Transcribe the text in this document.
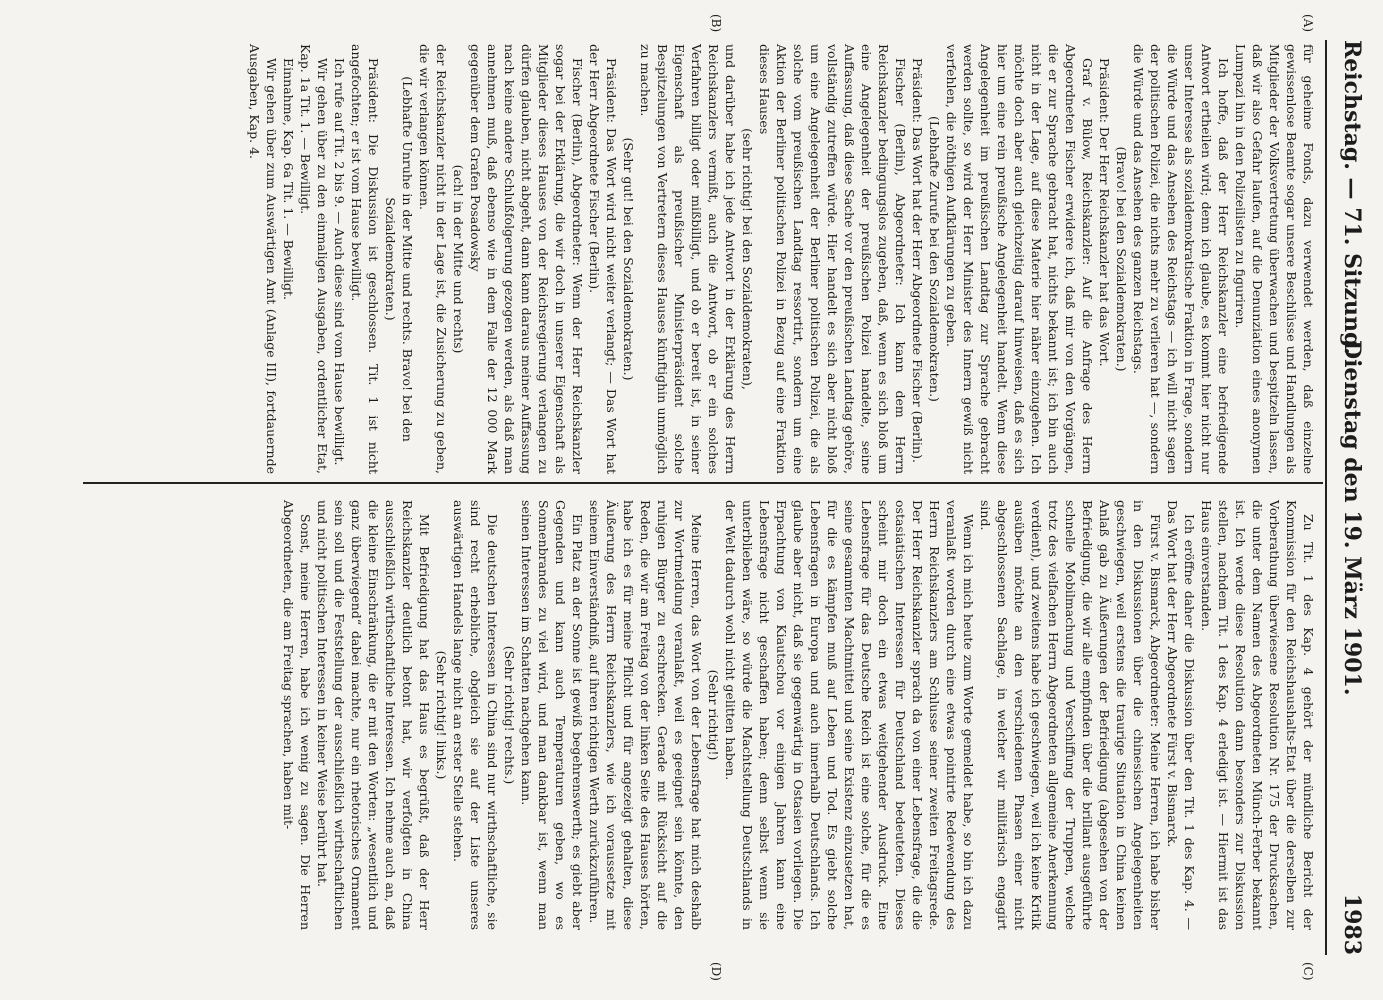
Reichstag. — 71. Sitzung.
Dienstag den 19. März 1901.
1983
(A)
(B)
(C)
(D)

für geheime Fonds, dazu verwendet werden, daß einzelne gewissenlose Beamte sogar unsere Beschlüsse und Handlungen als Mitglieder der Volksvertretung überwachen und bespitzeln lassen, daß wir also Gefahr laufen, auf die Denunziation eines anonymen Lumpazi hin in den Polizeilisten zu figuriren.

Ich hoffe, daß der Herr Reichskanzler eine befriedigende Antwort ertheilen wird; denn ich glaube, es kommt hier nicht nur unser Interesse als sozialdemokratische Fraktion in Frage, sondern die Würde und das Ansehen des Reichstags — ich will nicht sagen der politischen Polizei, die nichts mehr zu verlieren hat —, sondern die Würde und das Ansehen des ganzen Reichstags.

(Bravo! bei den Sozialdemokraten.)

Präsident: Der Herr Reichskanzler hat das Wort.

Graf v. Bülow, Reichskanzler: Auf die Anfrage des Herrn Abgeordneten Fischer erwidere ich, daß mir von den Vorgängen, die er zur Sprache gebracht hat, nichts bekannt ist; ich bin auch nicht in der Lage, auf diese Materie hier näher einzugehen. Ich möchte doch aber auch gleichzeitig darauf hinweisen, daß es sich hier um eine rein preußische Angelegenheit handelt. Wenn diese Angelegenheit im preußischen Landtag zur Sprache gebracht werden sollte, so wird der Herr Minister des Innern gewiß nicht verfehlen, die nöthigen Aufklärungen zu geben.

(Lebhafte Zurufe bei den Sozialdemokraten.)

Präsident: Das Wort hat der Herr Abgeordnete Fischer (Berlin).

Fischer (Berlin), Abgeordneter: Ich kann dem Herrn Reichskanzler bedingungslos zugeben, daß, wenn es sich bloß um eine Angelegenheit der preußischen Polizei handelte, seine Auffassung, daß diese Sache vor den preußischen Landtag gehöre, vollständig zutreffen würde. Hier handelt es sich aber nicht bloß um eine Angelegenheit der Berliner politischen Polizei, die als solche vom preußischen Landtag ressortirt, sondern um eine Aktion der Berliner politischen Polizei in Bezug auf eine Fraktion dieses Hauses

(sehr richtig! bei den Sozialdemokraten),

und darüber habe ich jede Antwort in der Erklärung des Herrn Reichskanzlers vermißt, auch die Antwort, ob er ein solches Verfahren billigt oder mißbilligt, und ob er bereit ist, in seiner Eigenschaft als preußischer Ministerpräsident solche Bespitzelungen von Vertretern dieses Hauses künftighin unmöglich zu machen.

(Sehr gut! bei den Sozialdemokraten.)

Präsident: Das Wort wird nicht weiter verlangt; — Das Wort hat der Herr Abgeordnete Fischer (Berlin).

Fischer (Berlin), Abgeordneter: Wenn der Herr Reichskanzler sogar bei der Erklärung, die wir doch in unserer Eigenschaft als Mitglieder dieses Hauses von der Reichsregierung verlangen zu dürfen glauben, nicht abgeht, dann kann daraus meiner Auffassung nach keine andere Schlußfolgerung gezogen werden, als daß man annehmen muß, daß ebenso wie in dem Falle der 12 000 Mark gegenüber dem Grafen Posadowsky

(ach! in der Mitte und rechts)

der Reichskanzler nicht in der Lage ist, die Zusicherung zu geben, die wir verlangen können.

(Lebhafte Unruhe in der Mitte und rechts. Bravo! bei den Sozialdemokraten.)

Präsident: Die Diskussion ist geschlossen. Tit. 1 ist nicht angefochten; er ist vom Hause bewilligt.

Ich rufe auf Tit. 2 bis 9. — Auch diese sind vom Hause bewilligt.

Wir gehen über zu den einmaligen Ausgaben, ordentlicher Etat, Kap. 1a Tit. 1. — Bewilligt.

Einnahme, Kap. 6a Tit. 1. — Bewilligt.

Wir gehen über zum Auswärtigen Amt (Anlage III), fortdauernde Ausgaben, Kap. 4.

Zu Tit. 1 des Kap. 4 gehört der mündliche Bericht der Kommission für den Reichshaushalts-Etat über die derselben zur Vorberathung überwiesene Resolution Nr. 175 der Drucksachen, die unter dem Namen des Abgeordneten Münch-Ferber bekannt ist. Ich werde diese Resolution dann besonders zur Diskussion stellen, nachdem Tit. 1 des Kap. 4 erledigt ist. — Hiermit ist das Haus einverstanden.

Ich eröffne daher die Diskussion über den Tit. 1 des Kap. 4. — Das Wort hat der Herr Abgeordnete Fürst v. Bismarck.

Fürst v. Bismarck, Abgeordneter: Meine Herren, ich habe bisher in den Diskussionen über die chinesischen Angelegenheiten geschwiegen, weil erstens die traurige Situation in China keinen Anlaß gab zu Äußerungen der Befriedigung (abgesehen von der Befriedigung, die wir alle empfinden über die brillant ausgeführte schnelle Mobilmachung und Verschiffung der Truppen, welche trotz des vielfachen Herrn Abgeordneten allgemeine Anerkennung verdient), und zweitens habe ich geschwiegen, weil ich keine Kritik ausüben möchte an den verschiedenen Phasen einer nicht abgeschlossenen Sachlage, in welcher wir militärisch engagirt sind.

Wenn ich mich heute zum Worte gemeldet habe, so bin ich dazu veranlaßt worden durch eine etwas pointirte Redewendung des Herrn Reichskanzlers am Schlusse seiner zweiten Freitagsrede. Der Herr Reichskanzler sprach da von einer Lebensfrage, die die ostasiatischen Interessen für Deutschland bedeuteten. Dieses scheint mir doch ein etwas weitgehender Ausdruck. Eine Lebensfrage für das Deutsche Reich ist eine solche, für die es seine gesammten Machtmittel und seine Existenz einzusetzen hat, für die es kämpfen muß auf Leben und Tod. Es giebt solche Lebensfragen in Europa und auch innerhalb Deutschlands. Ich glaube aber nicht, daß sie gegenwärtig in Ostasien vorliegen. Die Erpachtung von Kiautschou vor einigen Jahren kann eine Lebensfrage nicht geschaffen haben; denn selbst wenn sie unterblieben wäre, so würde die Machtstellung Deutschlands in der Welt dadurch wohl nicht gelitten haben.

(Sehr richtig!)

Meine Herren, das Wort von der Lebensfrage hat mich deshalb zur Wortmeldung veranlaßt, weil es geeignet sein könnte, den ruhigen Bürger zu erschrecken. Gerade mit Rücksicht auf die Reden, die wir am Freitag von der linken Seite des Hauses hörten, habe ich es für meine Pflicht und für angezeigt gehalten, diese Äußerung des Herrn Reichskanzlers, wie ich voraussetze mit seinem Einverständniß, auf ihren richtigen Werth zurückzuführen.

Ein Platz an der Sonne ist gewiß begehrenswerth; es giebt aber Gegenden und kann auch Temperaturen geben, wo es Sonnenbrandes zu viel wird, und man dankbar ist, wenn man seinen Interessen im Schatten nachgehen kann.

(Sehr richtig! rechts.)

Die deutschen Interessen in China sind nur wirthschaftliche, sie sind recht erhebliche, obgleich sie auf der Liste unseres auswärtigen Handels lange nicht an erster Stelle stehen.

(Sehr richtig! links.)

Mit Befriedigung hat das Haus es begrüßt, daß der Herr Reichskanzler deutlich betont hat, wir verfolgten in China ausschließlich wirthschaftliche Interessen. Ich nehme auch an, daß die kleine Einschränkung, die er mit den Worten: „wesentlich und ganz überwiegend“ dabei machte, nur ein rhetorisches Ornament sein soll und die Feststellung der ausschließlich wirthschaftlichen und nicht politischen Interessen in keiner Weise berührt hat.

Sonst, meine Herren, habe ich wenig zu sagen. Die Herren Abgeordneten, die am Freitag sprachen, haben mit-
